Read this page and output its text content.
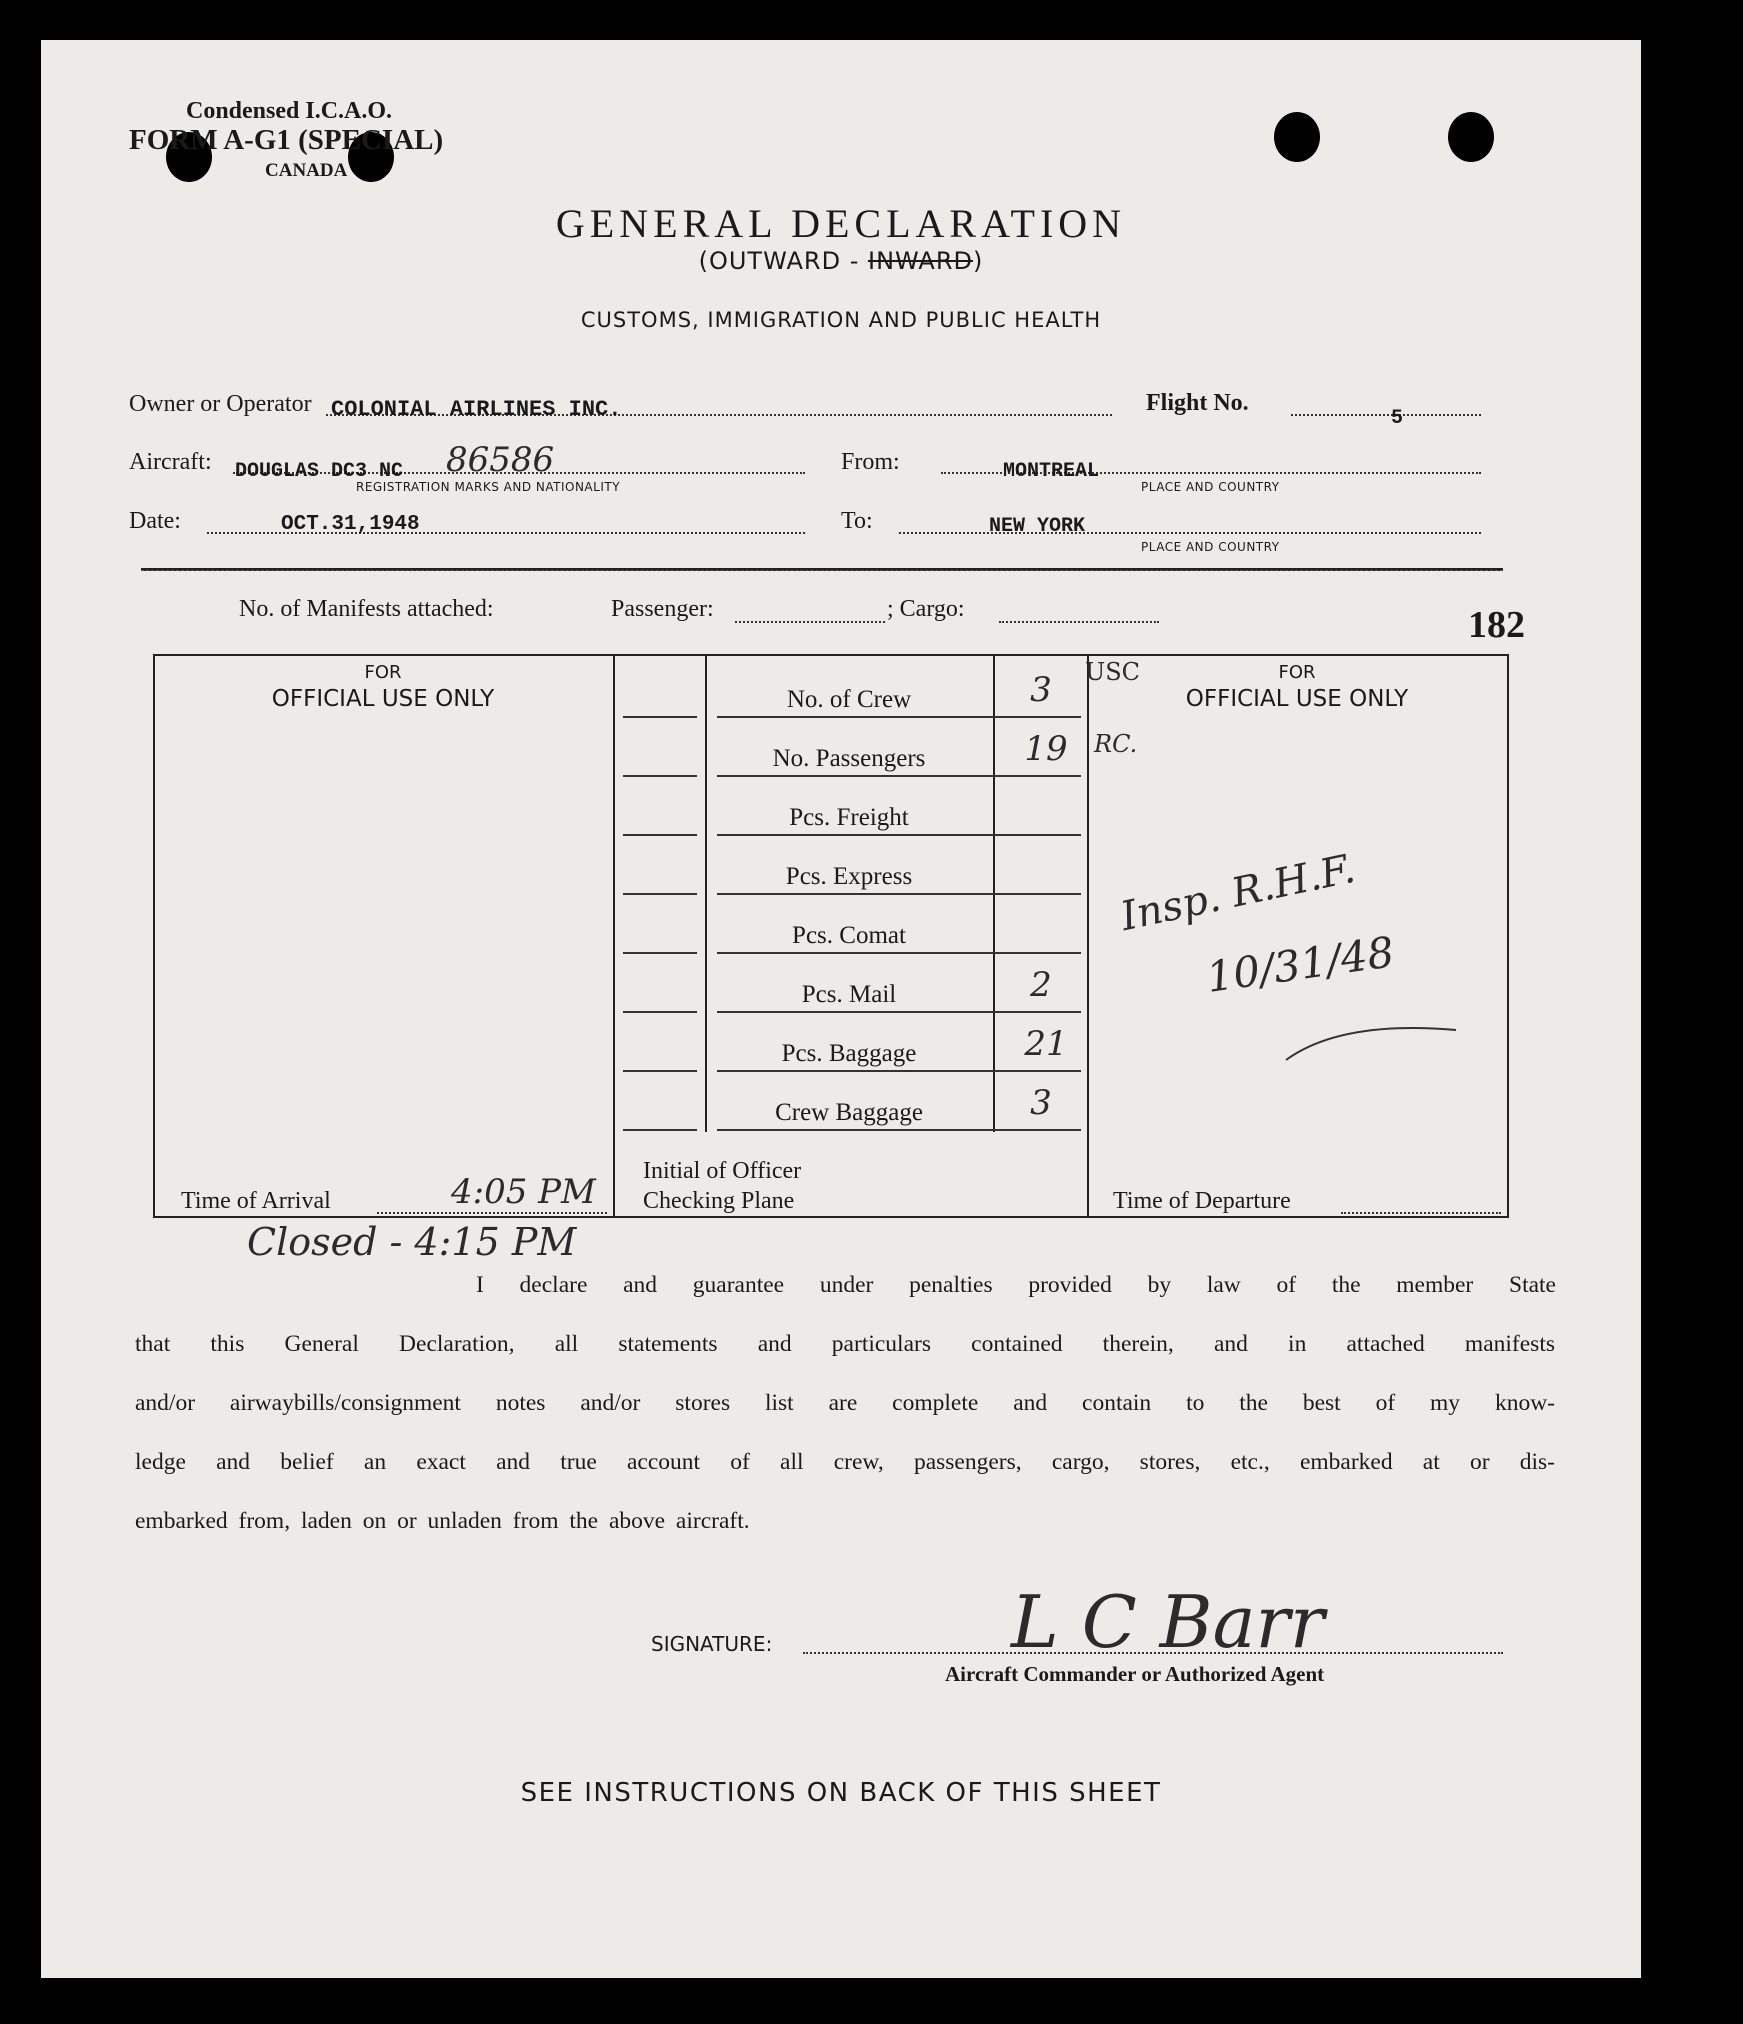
Condensed I.C.A.O.
FORM A-G1 (SPECIAL)
CANADA
GENERAL DECLARATION
(OUTWARD - INWARD)
CUSTOMS, IMMIGRATION AND PUBLIC HEALTH
Owner or Operator COLONIAL AIRLINES INC.	Flight No.
5
Aircraft: DOUGLAS DC3 NC 86586
REGISTRATION MARKS AND NATIONALITY
From:	MONTREAL
PLACE AND COUNTRY
Date:	OCT.31,1948	To:	NEW YORK
PLACE AND COUNTRY
No. of Manifests attached:	Passenger:	; Cargo:	182
FOR
OFFICIAL USE ONLY
FOR
OFFICIAL USE ONLY
No. of Crew	3
No. Passengers	19
Pcs. Freight
Pcs. Express
Pcs. Comat
Pcs. Mail	2
Pcs. Baggage	21
Crew Baggage	3
Initial of Officer
Checking Plane
Time of Arrival	4:05 PM	Time of Departure
USC
RC.
Insp. R.H.F.
10/31/48
Closed - 4:15 PM
I declare and guarantee under penalties provided by law of the member State
that this General Declaration, all statements and particulars contained therein, and in attached manifests
and/or airwaybills/consignment notes and/or stores list are complete and contain to the best of my know-
ledge and belief an exact and true account of all crew, passengers, cargo, stores, etc., embarked at or dis-
embarked from, laden on or unladen from the above aircraft.
SIGNATURE:	L C Barr
Aircraft Commander or Authorized Agent
SEE INSTRUCTIONS ON BACK OF THIS SHEET
